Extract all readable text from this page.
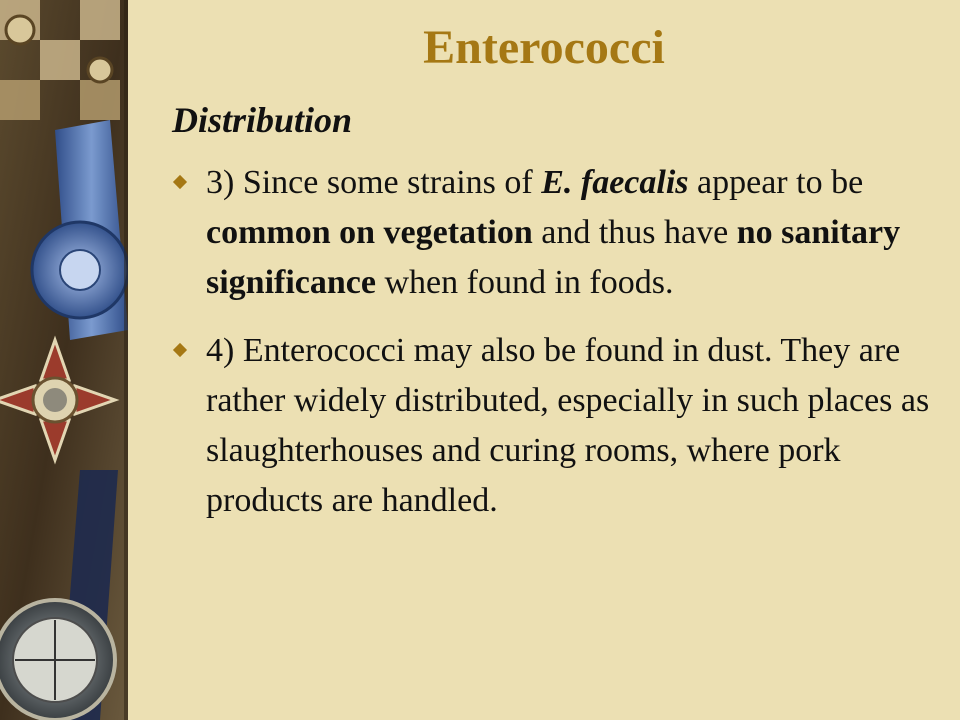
Enterococci
Distribution
3) Since some strains of E. faecalis appear to be common on vegetation and thus have no sanitary significance when found in foods.
4) Enterococci may also be found in dust. They are rather widely distributed, especially in such places as slaughterhouses and curing rooms, where pork products are handled.
